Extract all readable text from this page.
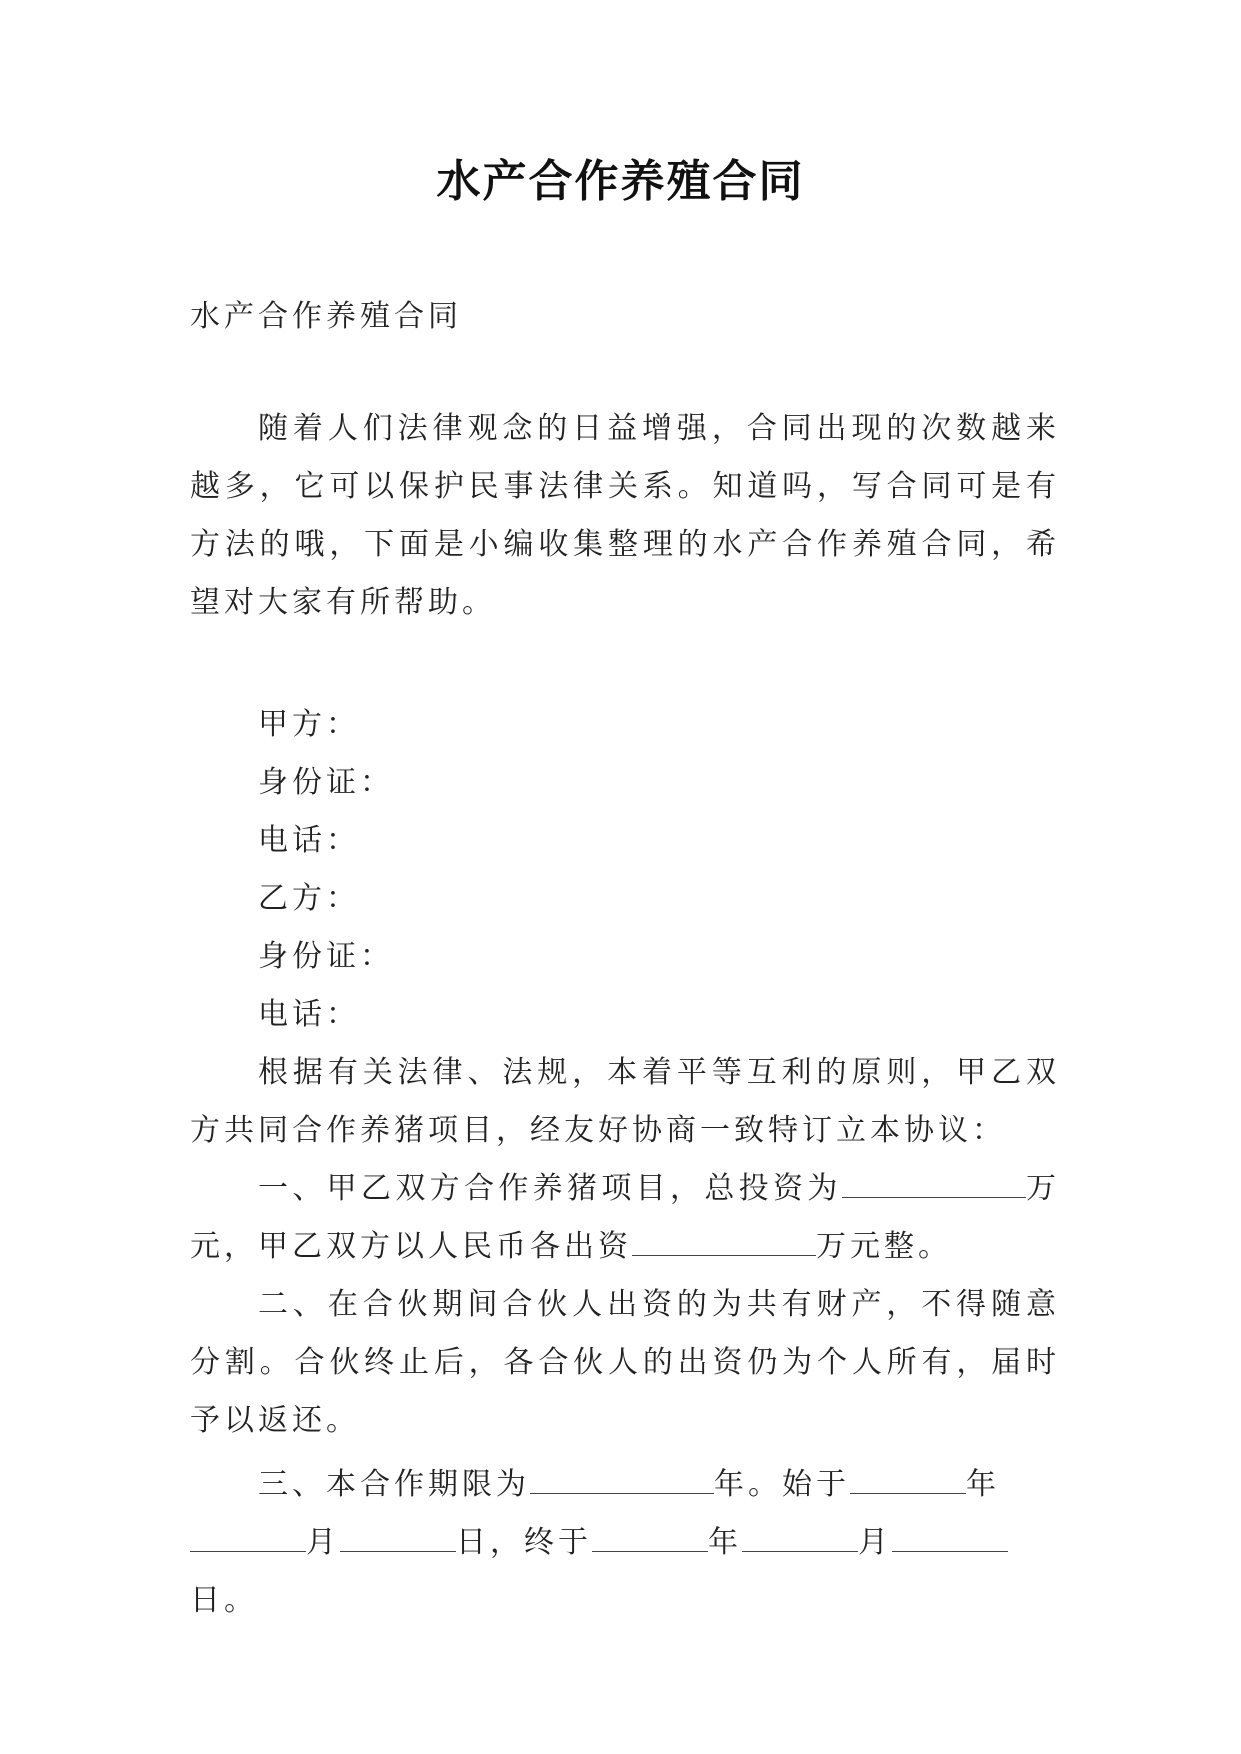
水产合作养殖合同
水产合作养殖合同

随着人们法律观念的日益增强，合同出现的次数越来越多，它可以保护民事法律关系。知道吗，写合同可是有方法的哦，下面是小编收集整理的水产合作养殖合同，希望对大家有所帮助。

甲方：

身份证：

电话：

乙方：

身份证：

电话：

根据有关法律、法规，本着平等互利的原则，甲乙双方共同合作养猪项目，经友好协商一致特订立本协议：

一、甲乙双方合作养猪项目，总投资为	万元，甲乙双方以人民币各出资	万元整。

二、在合伙期间合伙人出资的为共有财产，不得随意分割。合伙终止后，各合伙人的出资仍为个人所有，届时予以返还。

三、本合作期限为	年。始于	年月	日，终于	年	月日。
